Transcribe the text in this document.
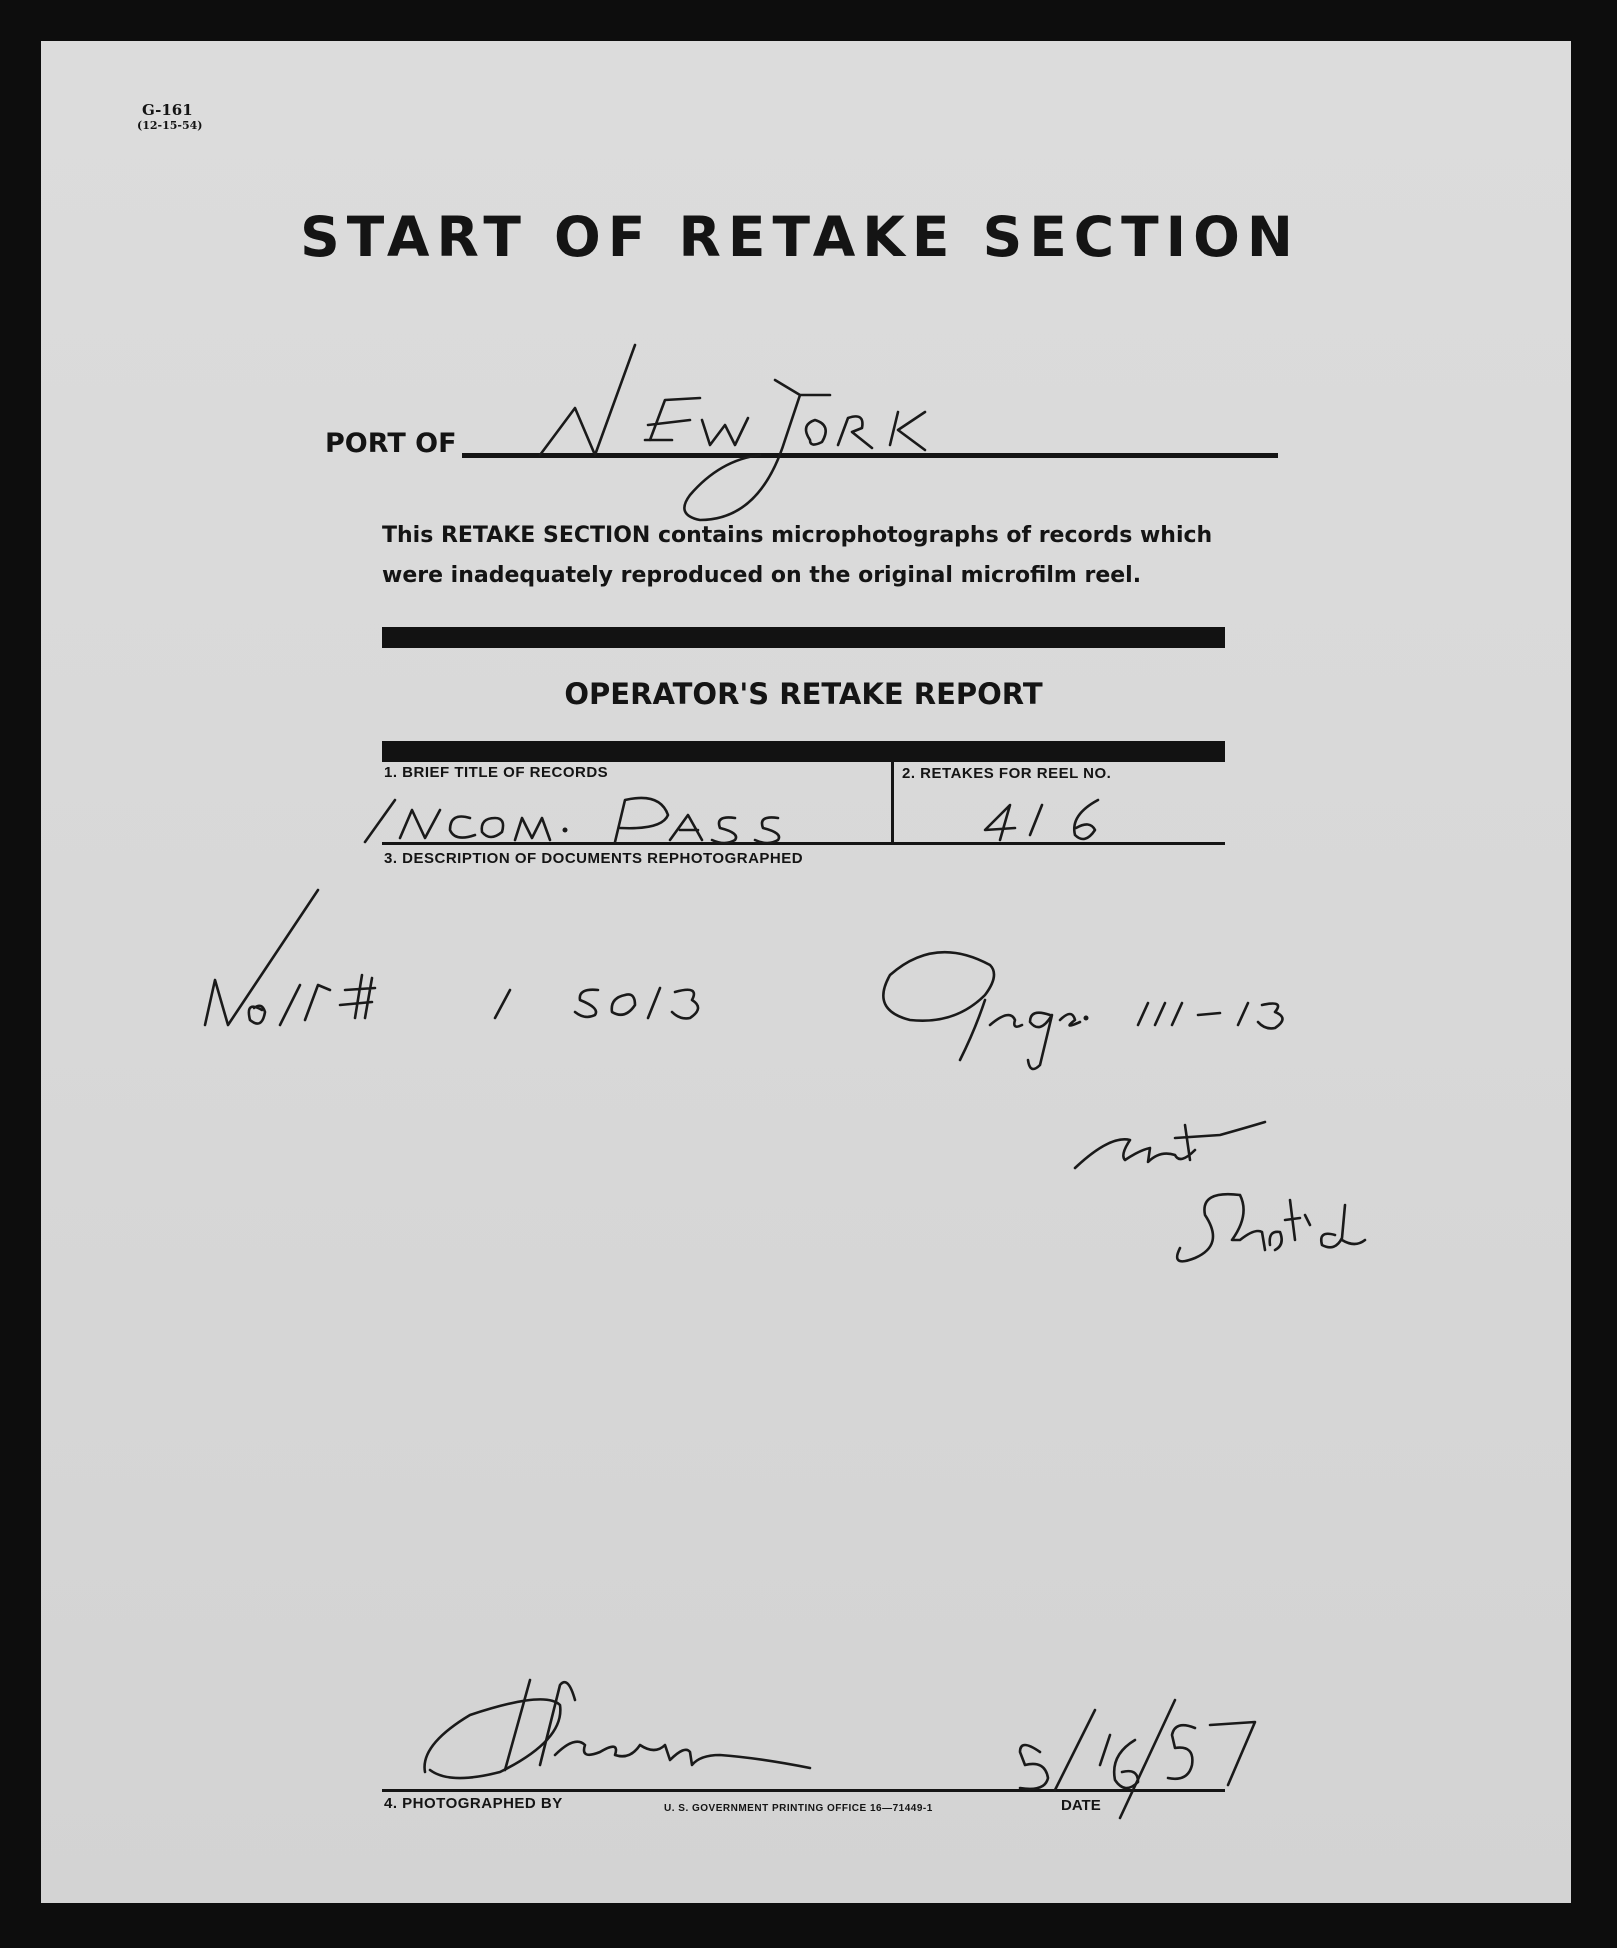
G-161
(12-15-54)
START OF RETAKE SECTION
PORT OF
This RETAKE SECTION contains microphotographs of records which were inadequately reproduced on the original microfilm reel.
OPERATOR'S RETAKE REPORT
1. BRIEF TITLE OF RECORDS	2. RETAKES FOR REEL NO.
3. DESCRIPTION OF DOCUMENTS REPHOTOGRAPHED
4. PHOTOGRAPHED BY	U. S. GOVERNMENT PRINTING OFFICE 16—71449-1	DATE
